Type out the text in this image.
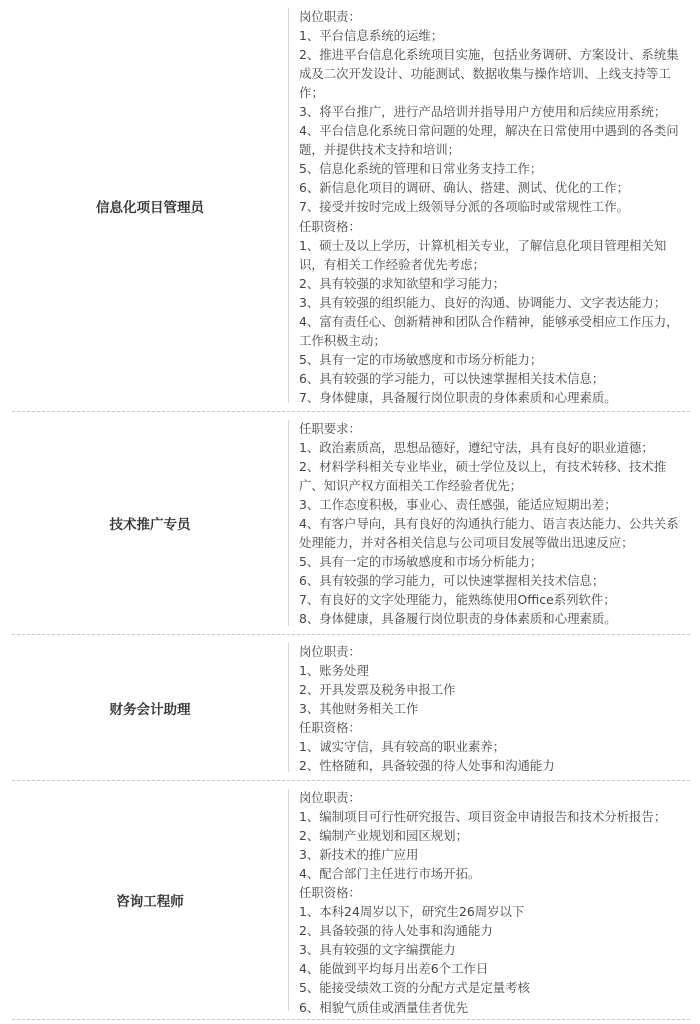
信息化项目管理员
岗位职责：
1、平台信息系统的运维；
2、推进平台信息化系统项目实施，包括业务调研、方案设计、系统集成及二次开发设计、功能测试、数据收集与操作培训、上线支持等工作；
3、将平台推广，进行产品培训并指导用户方使用和后续应用系统；
4、平台信息化系统日常问题的处理，解决在日常使用中遇到的各类问题，并提供技术支持和培训；
5、信息化系统的管理和日常业务支持工作；
6、新信息化项目的调研、确认、搭建、测试、优化的工作；
7、接受并按时完成上级领导分派的各项临时或常规性工作。
任职资格：
1、硕士及以上学历，计算机相关专业，了解信息化项目管理相关知识，有相关工作经验者优先考虑；
2、具有较强的求知欲望和学习能力；
3、具有较强的组织能力、良好的沟通、协调能力、文字表达能力；
4、富有责任心、创新精神和团队合作精神，能够承受相应工作压力，工作积极主动；
5、具有一定的市场敏感度和市场分析能力；
6、具有较强的学习能力，可以快速掌握相关技术信息；
7、身体健康，具备履行岗位职责的身体素质和心理素质。
技术推广专员
任职要求：
1、政治素质高，思想品德好，遵纪守法，具有良好的职业道德；
2、材料学科相关专业毕业，硕士学位及以上，有技术转移、技术推广、知识产权方面相关工作经验者优先；
3、工作态度积极，事业心、责任感强，能适应短期出差；
4、有客户导向，具有良好的沟通执行能力、语言表达能力、公共关系处理能力，并对各相关信息与公司项目发展等做出迅速反应；
5、具有一定的市场敏感度和市场分析能力；
6、具有较强的学习能力，可以快速掌握相关技术信息；
7、有良好的文字处理能力，能熟练使用Office系列软件；
8、身体健康，具备履行岗位职责的身体素质和心理素质。
财务会计助理
岗位职责：
1、账务处理
2、开具发票及税务申报工作
3、其他财务相关工作
任职资格：
1、诚实守信，具有较高的职业素养；
2、性格随和，具备较强的待人处事和沟通能力
咨询工程师
岗位职责：
1、编制项目可行性研究报告、项目资金申请报告和技术分析报告；
2、编制产业规划和园区规划；
3、新技术的推广应用
4、配合部门主任进行市场开拓。
任职资格：
1、本科24周岁以下，研究生26周岁以下
2、具备较强的待人处事和沟通能力
3、具有较强的文字编撰能力
4、能做到平均每月出差6个工作日
5、能接受绩效工资的分配方式是定量考核
6、相貌气质佳或酒量佳者优先
